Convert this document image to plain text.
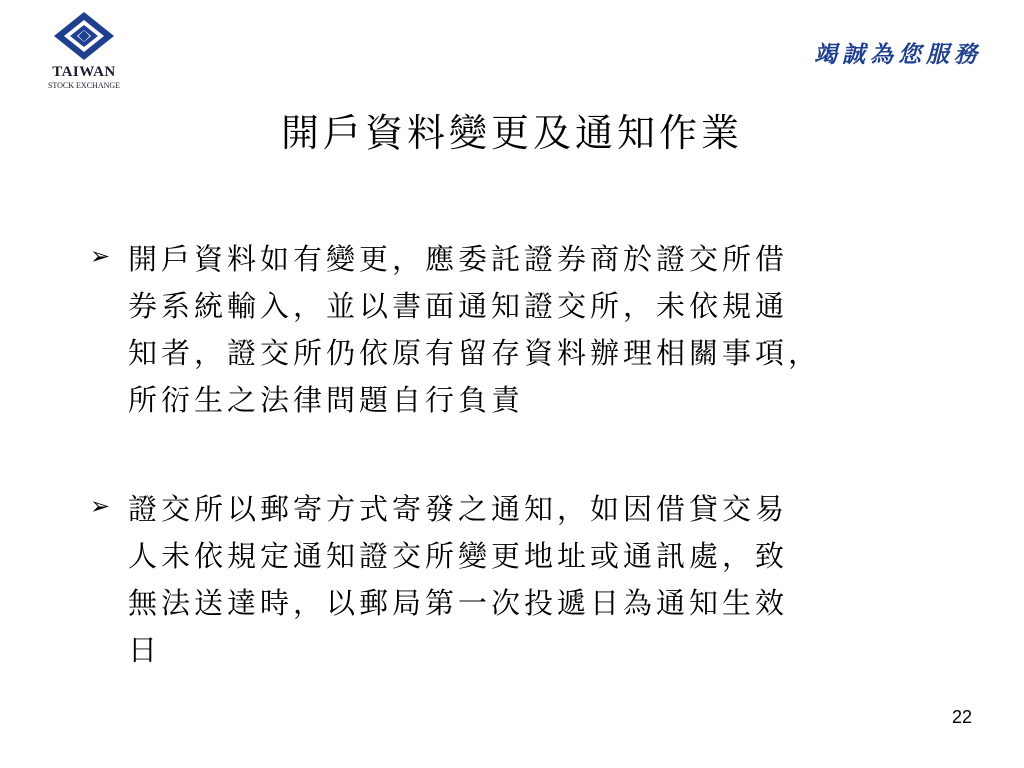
TAIWAN
STOCK EXCHANGE
竭誠為您服務
開戶資料變更及通知作業
➢ 開戶資料如有變更，應委託證券商於證交所借
券系統輸入，並以書面通知證交所，未依規通
知者，證交所仍依原有留存資料辦理相關事項，
所衍生之法律問題自行負責

➢ 證交所以郵寄方式寄發之通知，如因借貸交易
人未依規定通知證交所變更地址或通訊處，致
無法送達時，以郵局第一次投遞日為通知生效
日

22
